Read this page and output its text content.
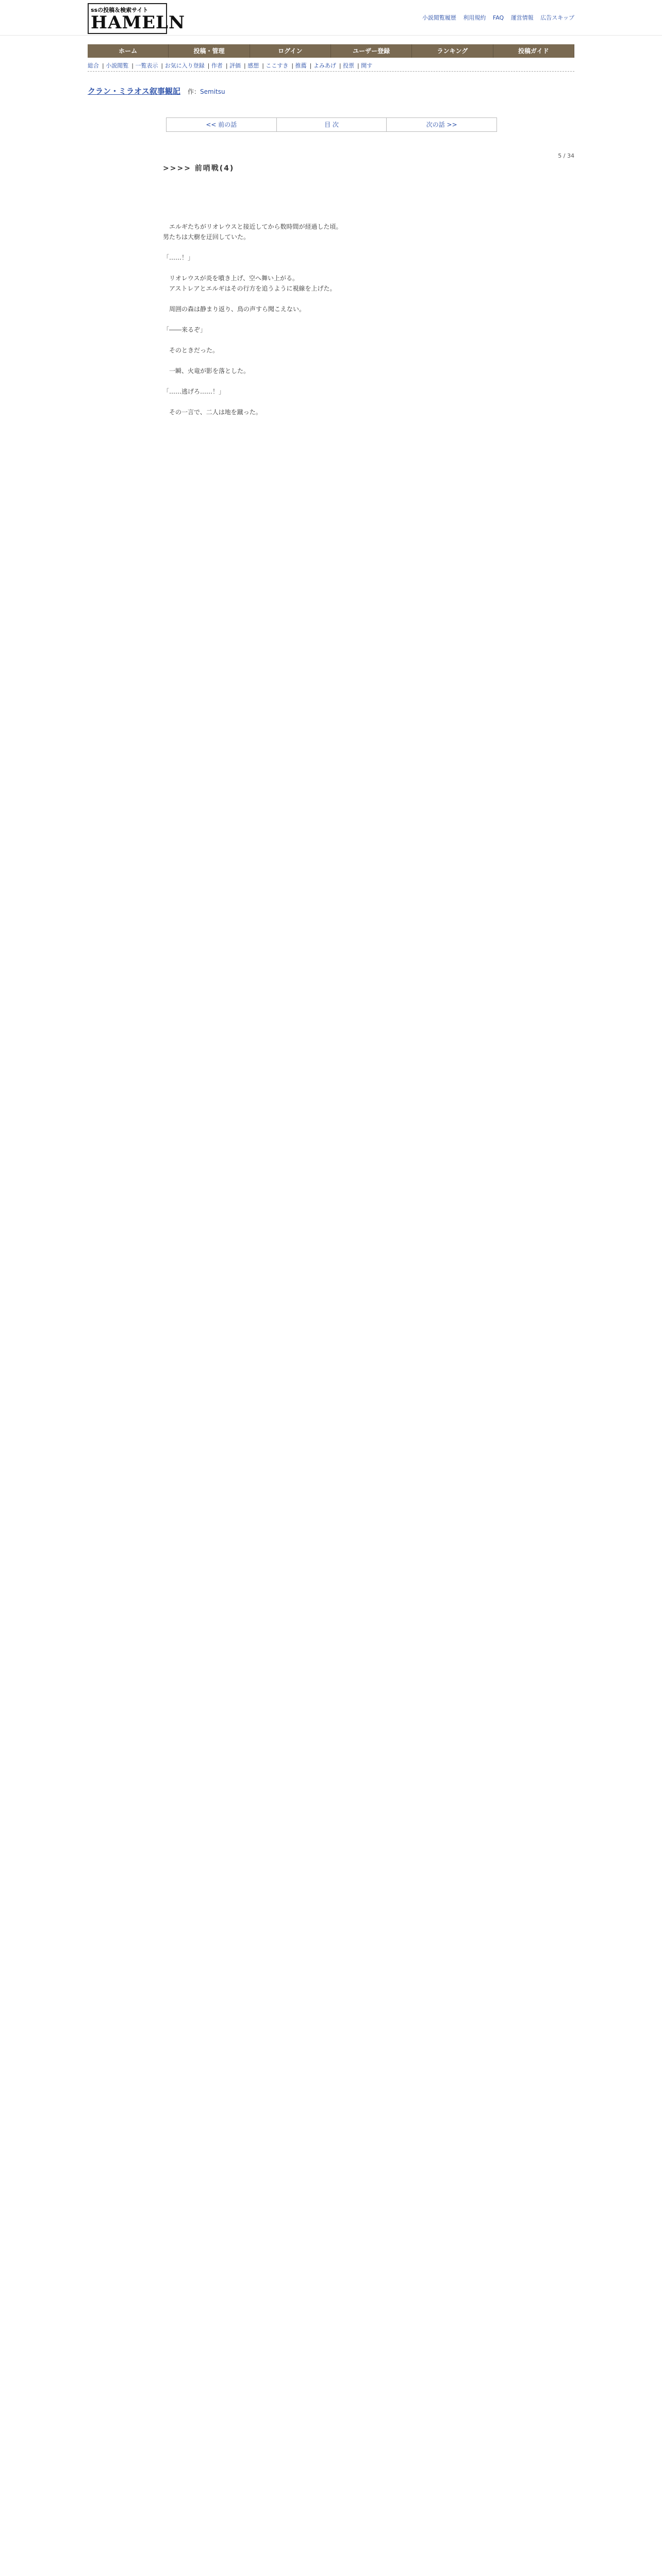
ssの投稿＆検索サイト
HAMELN	小説閲覧履歴 利用規約 FAQ 運営情報 広告スキップ
ホーム	投稿・管理	ログイン	ユーザー登録	ランキング	投稿ガイド
総合 | 小説閲覧 | 一覧表示 | お気に入り登録 | 作者 | 評価 | 感想 | ここすき | 推薦 | よみあげ | 投票 | 開す
クラン・ミラオス叙事観記 作：Semitsu
<< 前の話	目 次	次の話 >>
5 / 34
>>>> 前哨戦(4)

　エルギたちがリオレウスと接近してから数時間が経過した頃。

男たちは大樹を迂回していた。

「……！」

　リオレウスが炎を噴き上げ、空へ舞い上がる。

　アストレアとエルギはその行方を追うように視線を上げた。

　周囲の森は静まり返り、鳥の声すら聞こえない。

「――来るぞ」

　そのときだった。

　一瞬、火竜が影を落とした。

「……逃げろ……！」

　その一言で、二人は地を蹴った。
